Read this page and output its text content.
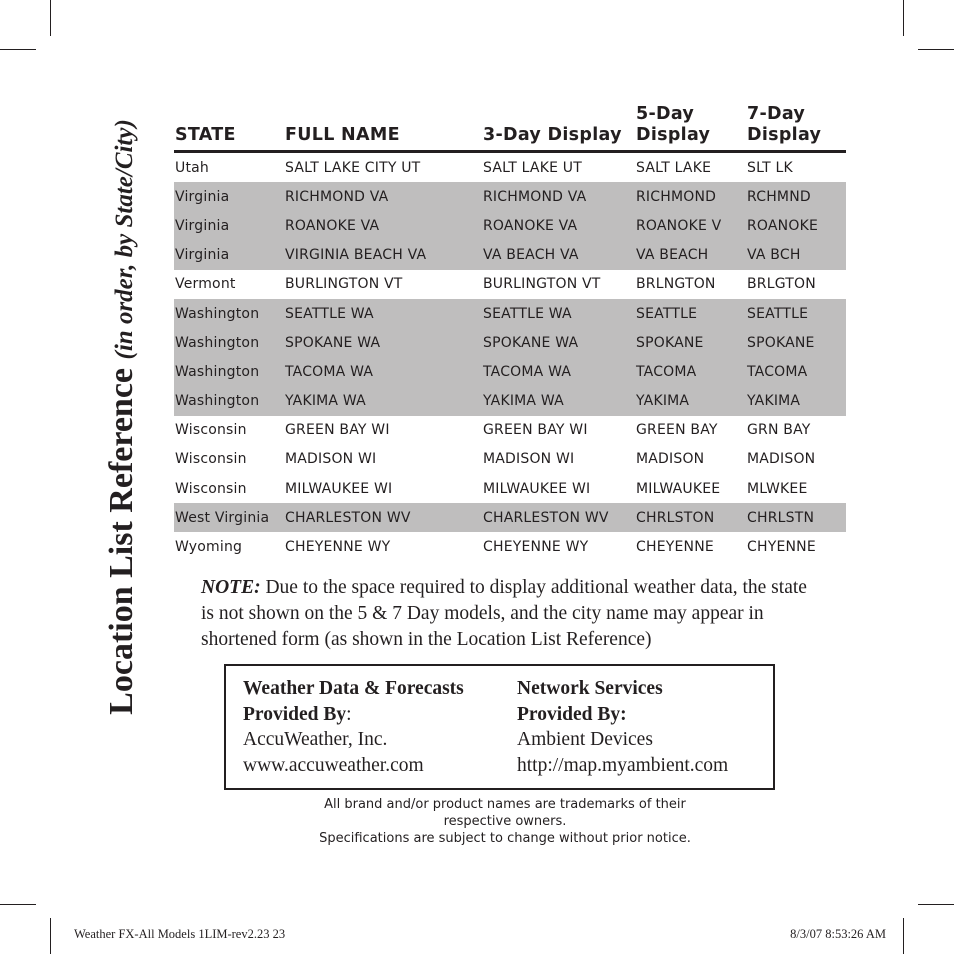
Location List Reference (in order, by State/City) STATE	FULL NAME	3-Day Display	5-Day Display	7-Day Display
Utah	SALT LAKE CITY UT	SALT LAKE UT	SALT LAKE	SLT LK
Virginia	RICHMOND VA	RICHMOND VA	RICHMOND	RCHMND
Virginia	ROANOKE VA	ROANOKE VA	ROANOKE V	ROANOKE
Virginia	VIRGINIA BEACH VA	VA BEACH VA	VA BEACH	VA BCH
Vermont	BURLINGTON VT	BURLINGTON VT	BRLNGTON	BRLGTON
Washington	SEATTLE WA	SEATTLE WA	SEATTLE	SEATTLE
Washington	SPOKANE WA	SPOKANE WA	SPOKANE	SPOKANE
Washington	TACOMA WA	TACOMA WA	TACOMA	TACOMA
Washington	YAKIMA WA	YAKIMA WA	YAKIMA	YAKIMA
Wisconsin	GREEN BAY WI	GREEN BAY WI	GREEN BAY	GRN BAY
Wisconsin	MADISON WI	MADISON WI	MADISON	MADISON
Wisconsin	MILWAUKEE WI	MILWAUKEE WI	MILWAUKEE	MLWKEE
West Virginia	CHARLESTON WV	CHARLESTON WV	CHRLSTON	CHRLSTN
Wyoming	CHEYENNE WY	CHEYENNE WY	CHEYENNE	CHYENNE
NOTE: Due to the space required to display additional weather data, the state is not shown on the 5 & 7 Day models, and the city name may appear in shortened form (as shown in the Location List Reference)
Weather Data & Forecasts
Provided By:
AccuWeather, Inc.
www.accuweather.com
Network Services
Provided By:
Ambient Devices
http://map.myambient.com
All brand and/or product names are trademarks of their
respective owners.
Specifications are subject to change without prior notice.
Weather FX-All Models 1LIM-rev2.23 23	8/3/07 8:53:26 AM
